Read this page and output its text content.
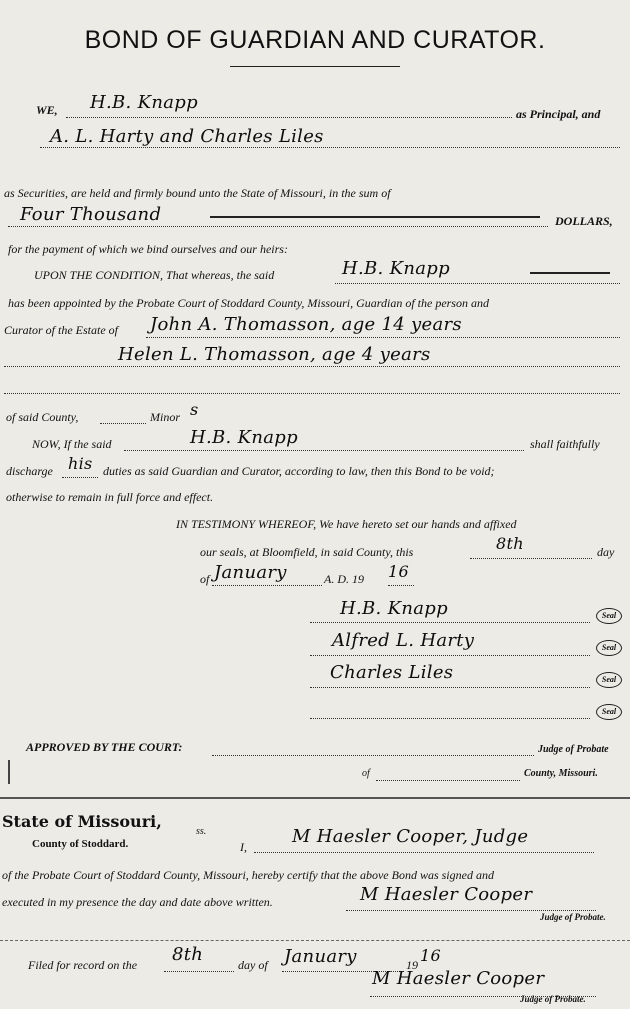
BOND OF GUARDIAN AND CURATOR.
WE, H.B. Knapp
as Principal, and
A. L. Harty and Charles Liles
as Securities, are held and firmly bound unto the State of Missouri, in the sum of
Four Thousand	DOLLARS,
for the payment of which we bind ourselves and our heirs:
UPON THE CONDITION, That whereas, the said	H.B. Knapp
has been appointed by the Probate Court of Stoddard County, Missouri, Guardian of the person and
Curator of the Estate of John A. Thomasson, age 14 years
Helen L. Thomasson, age 4 years
of said County,	Minor s
NOW, If the said	H.B. Knapp	shall faithfully
discharge his duties as said Guardian and Curator, according to law, then this Bond to be void;
otherwise to remain in full force and effect.
IN TESTIMONY WHEREOF, We have hereto set our hands and affixed
our seals, at Bloomfield, in said County, this	8th	day
of January	A. D. 19 16
H.B. Knapp	Seal
Alfred L. Harty	Seal
Charles Liles	Seal
Seal
APPROVED BY THE COURT:	Judge of Probate
of	County, Missouri.
State of Missouri,
ss.
County of Stoddard.	I,	M Haesler Cooper, Judge
of the Probate Court of Stoddard County, Missouri, hereby certify that the above Bond was signed and
executed in my presence the day and date above written.	M Haesler Cooper
Judge of Probate.
Filed for record on the 8th	day of January	19 16
M Haesler Cooper
Judge of Probate.
